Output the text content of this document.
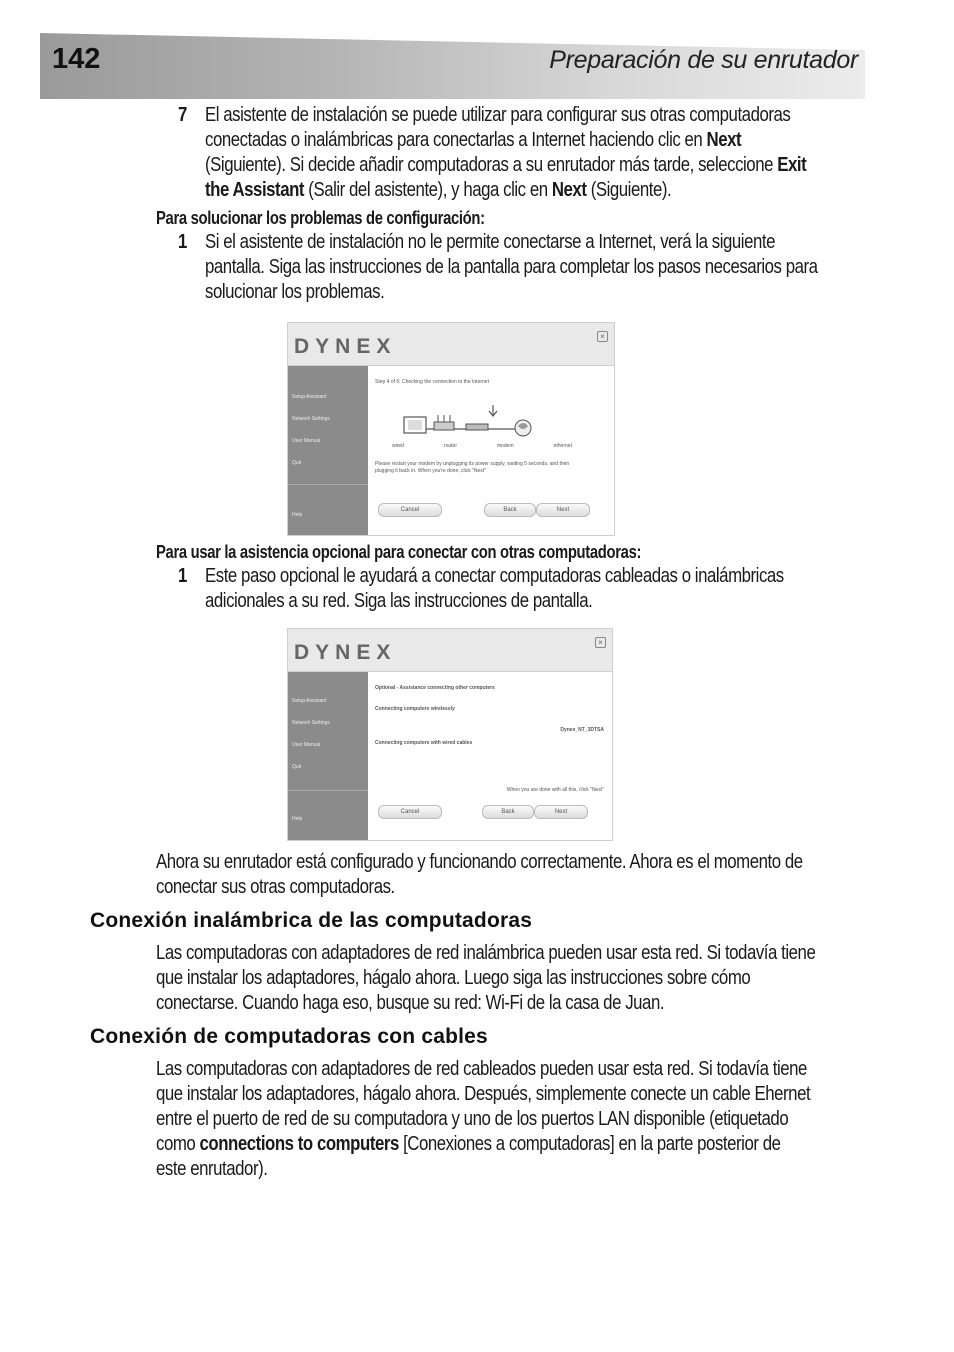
142	Preparación de su enrutador
7 El asistente de instalación se puede utilizar para configurar sus otras computadoras
conectadas o inalámbricas para conectarlas a Internet haciendo clic en Next
(Siguiente). Si decide añadir computadoras a su enrutador más tarde, seleccione Exit
the Assistant (Salir del asistente), y haga clic en Next (Siguiente).
Para solucionar los problemas de configuración:
1 Si el asistente de instalación no le permite conectarse a Internet, verá la siguiente
pantalla. Siga las instrucciones de la pantalla para completar los pasos necesarios para
solucionar los problemas.
DYNEX	×
Setup Assistant
Network Settings
User Manual
Quit
Help
Step 4 of 6: Checking the connection to the Internet
wired	router	modem	ethernet
Please restart your modem by unplugging its power supply, waiting 5 seconds, and then plugging it back in. When you're done, click "Next"
Cancel	Back	Next
Para usar la asistencia opcional para conectar con otras computadoras:
1 Este paso opcional le ayudará a conectar computadoras cableadas o inalámbricas
adicionales a su red. Siga las instrucciones de pantalla.
DYNEX	×
Setup Assistant
Network Settings
User Manual
Quit
Help
Optional - Assistance connecting other computers
Connecting computers wirelessly
Dynex_NT_3DTSA
Connecting computers with wired cables
When you are done with all this, click "Next"
Cancel	Back	Next
Ahora su enrutador está configurado y funcionando correctamente. Ahora es el momento de
conectar sus otras computadoras.
Conexión inalámbrica de las computadoras
Las computadoras con adaptadores de red inalámbrica pueden usar esta red. Si todavía tiene
que instalar los adaptadores, hágalo ahora. Luego siga las instrucciones sobre cómo
conectarse. Cuando haga eso, busque su red: Wi-Fi de la casa de Juan.
Conexión de computadoras con cables
Las computadoras con adaptadores de red cableados pueden usar esta red. Si todavía tiene
que instalar los adaptadores, hágalo ahora. Después, simplemente conecte un cable Ehernet
entre el puerto de red de su computadora y uno de los puertos LAN disponible (etiquetado
como connections to computers [Conexiones a computadoras] en la parte posterior de
este enrutador).
